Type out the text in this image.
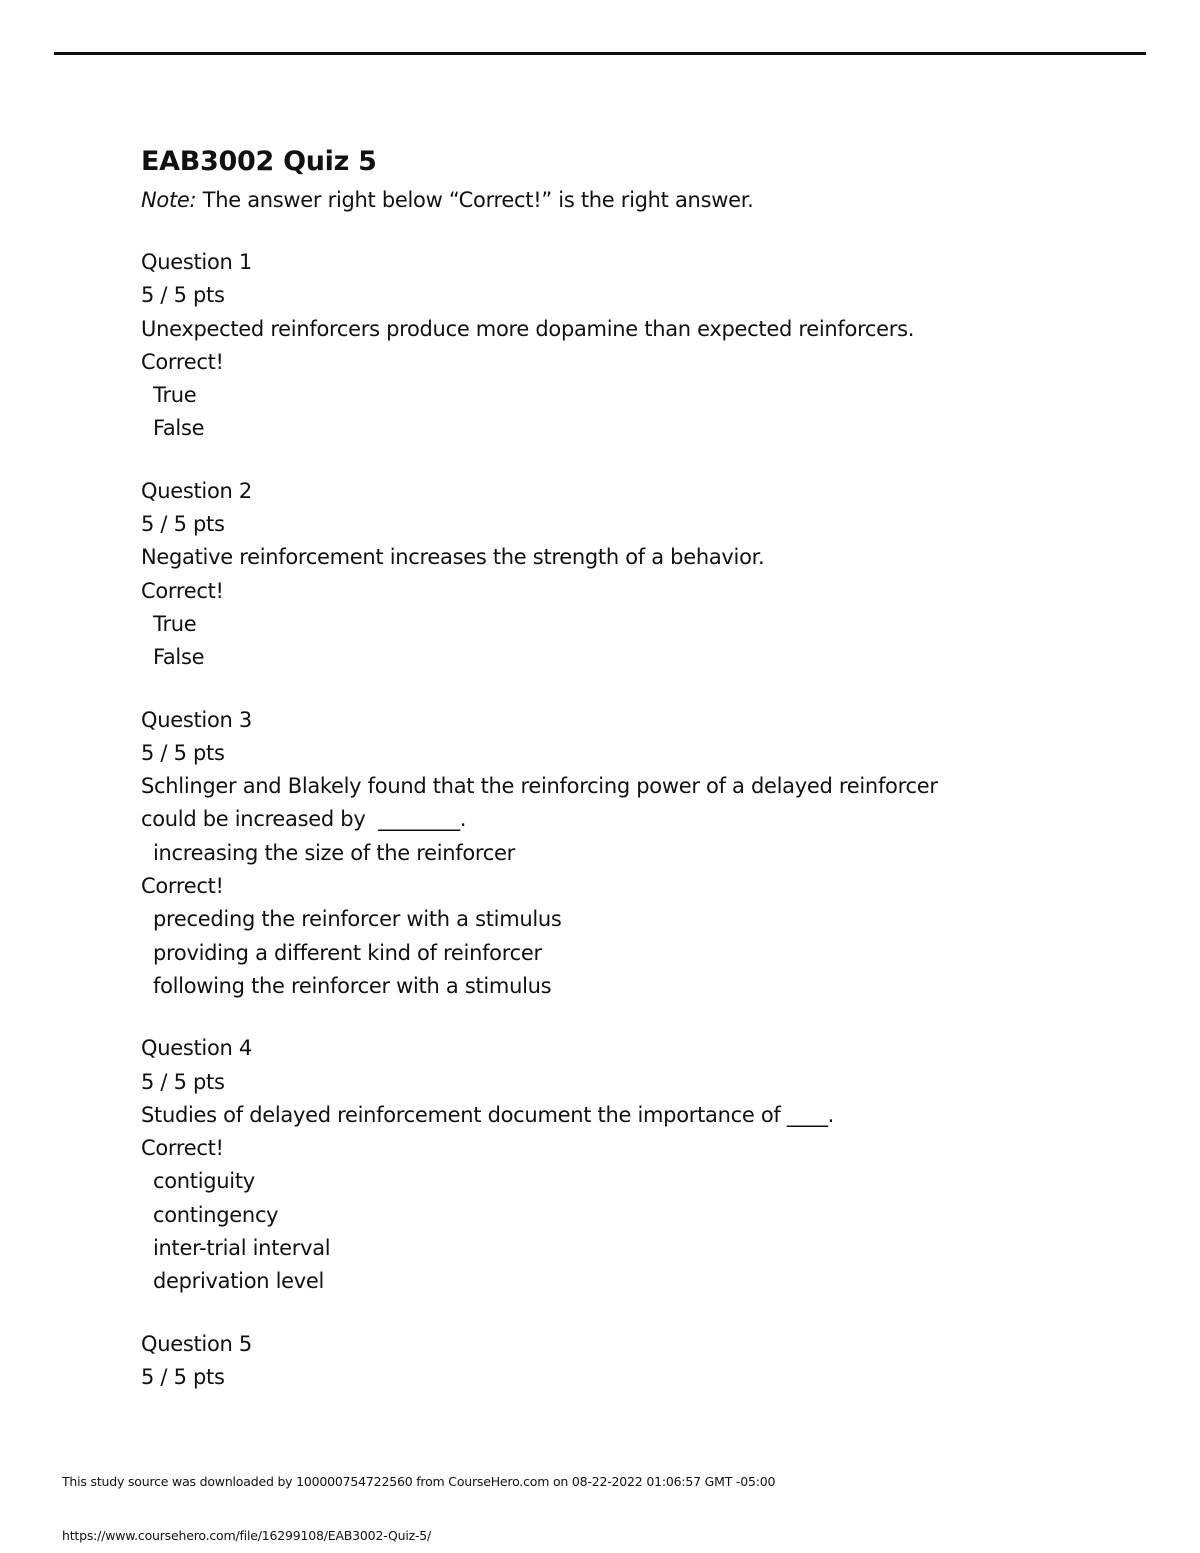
EAB3002 Quiz 5

Note: The answer right below “Correct!” is the right answer.

Question 1
5 / 5 pts
Unexpected reinforcers produce more dopamine than expected reinforcers.
Correct!
True
False
Question 2
5 / 5 pts
Negative reinforcement increases the strength of a behavior.
Correct!
True
False
Question 3
5 / 5 pts
Schlinger and Blakely found that the reinforcing power of a delayed reinforcer
could be increased by  ________.
increasing the size of the reinforcer
Correct!
preceding the reinforcer with a stimulus
providing a different kind of reinforcer
following the reinforcer with a stimulus
Question 4
5 / 5 pts
Studies of delayed reinforcement document the importance of ____.
Correct!
contiguity
contingency
inter-trial interval
deprivation level
Question 5
5 / 5 pts
This study source was downloaded by 100000754722560 from CourseHero.com on 08-22-2022 01:06:57 GMT -05:00
https://www.coursehero.com/file/16299108/EAB3002-Quiz-5/
